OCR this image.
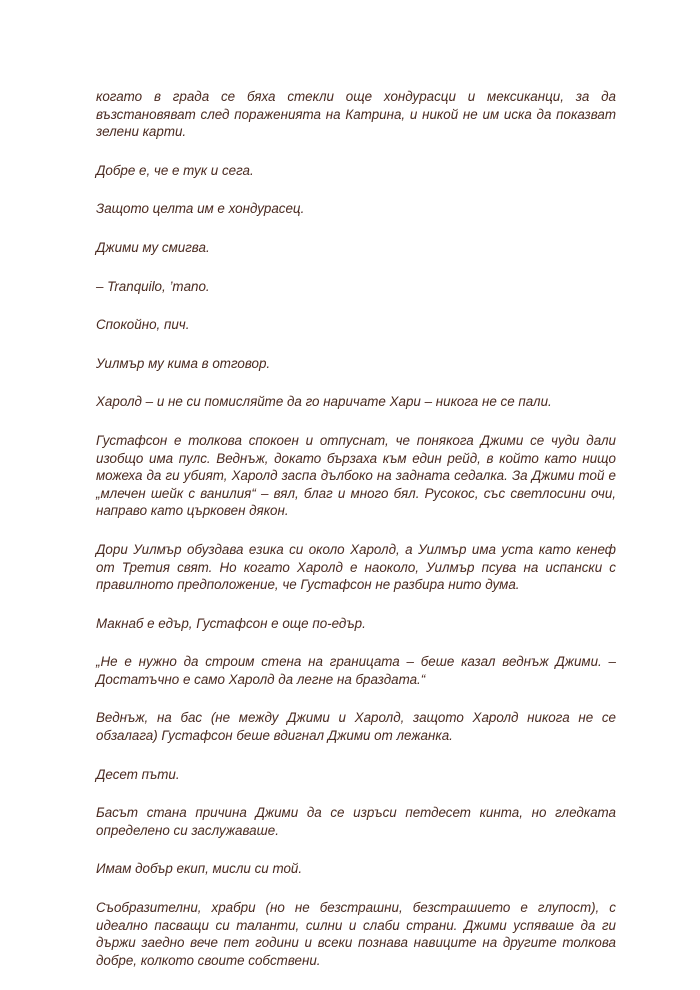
когато в града се бяха стекли още хондурасци и мексиканци, за да възстановяват след пораженията на Катрина, и никой не им иска да показват зелени карти.

Добре е, че е тук и сега.

Защото целта им е хондурасец.

Джими му смигва.

– Tranquilo, ’mano.

Спокойно, пич.

Уилмър му кима в отговор.

Харолд – и не си помисляйте да го наричате Хари – никога не се пали.

Густафсон е толкова спокоен и отпуснат, че понякога Джими се чуди дали изобщо има пулс. Веднъж, докато бързаха към един рейд, в който като нищо можеха да ги убият, Харолд заспа дълбоко на задната седалка. За Джими той е „млечен шейк с ванилия“ – вял, благ и много бял. Русокос, със светлосини очи, направо като църковен дякон.

Дори Уилмър обуздава езика си около Харолд, а Уилмър има уста като кенеф от Третия свят. Но когато Харолд е наоколо, Уилмър псува на испански с правилното предположение, че Густафсон не разбира нито дума.

Макнаб е едър, Густафсон е още по-едър.

„Не е нужно да строим стена на границата – беше казал веднъж Джими. – Достатъчно е само Харолд да легне на браздата.“

Веднъж, на бас (не между Джими и Харолд, защото Харолд никога не се обзалага) Густафсон беше вдигнал Джими от лежанка.

Десет пъти.

Басът стана причина Джими да се изръси петдесет кинта, но гледката определено си заслужаваше.

Имам добър екип, мисли си той.

Съобразителни, храбри (но не безстрашни, безстрашието е глупост), с идеално пасващи си таланти, силни и слаби страни. Джими успяваше да ги държи заедно вече пет години и всеки познава навиците на другите толкова добре, колкото своите собствени.
